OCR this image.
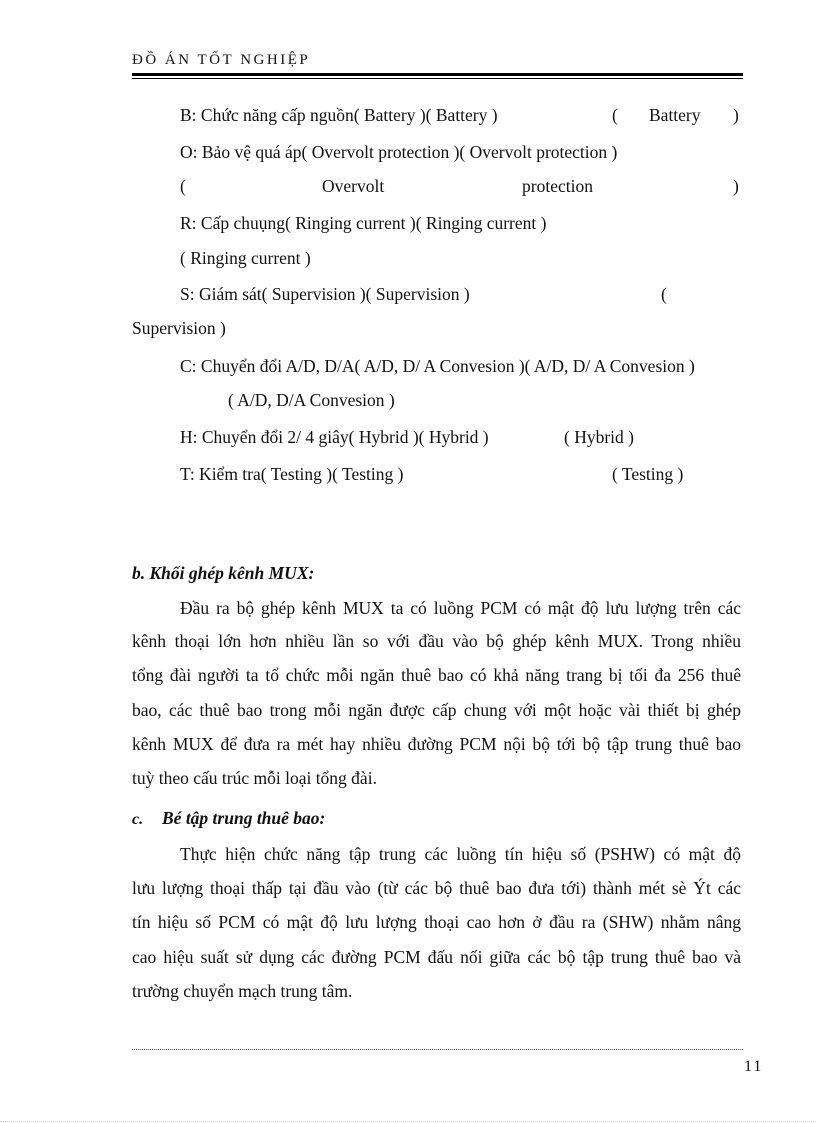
ĐỒ ÁN TỐT NGHIỆP
B: Chức năng cấp nguồn( Battery )( Battery )	( Battery )
O: Bảo vệ quá áp( Overvolt protection )( Overvolt protection )
(	Overvolt	protection	)
R: Cấp chuụng( Ringing current )( Ringing current )
( Ringing current )
S: Giám sát( Supervision )( Supervision )	(
Supervision )
C: Chuyển đổi A/D, D/A( A/D, D/ A Convesion )( A/D, D/ A Convesion )
( A/D, D/A Convesion )
H: Chuyển đổi 2/ 4 giây( Hybrid )( Hybrid )	( Hybrid )
T: Kiểm tra( Testing )( Testing )	( Testing )
b. Khối ghép kênh MUX:
Đầu ra bộ ghép kênh MUX ta có luồng PCM có mật độ lưu lượng trên các
kênh thoại lớn hơn nhiều lần so với đầu vào bộ ghép kênh MUX. Trong nhiều
tổng đài người ta tổ chức mỗi ngăn thuê bao có khả năng trang bị tối đa 256 thuê
bao, các thuê bao trong mỗi ngăn được cấp chung với một hoặc vài thiết bị ghép
kênh MUX để đưa ra mét hay nhiều đường PCM nội bộ tới bộ tập trung thuê bao
tuỳ theo cấu trúc mỗi loại tổng đài.
c. Bé tập trung thuê bao:
Thực hiện chức năng tập trung các luồng tín hiệu số (PSHW) có mật độ
lưu lượng thoại thấp tại đầu vào (từ các bộ thuê bao đưa tới) thành mét sè Ýt các
tín hiệu số PCM có mật độ lưu lượng thoại cao hơn ở đầu ra (SHW) nhằm nâng
cao hiệu suất sử dụng các đường PCM đấu nối giữa các bộ tập trung thuê bao và
trường chuyển mạch trung tâm.
11
